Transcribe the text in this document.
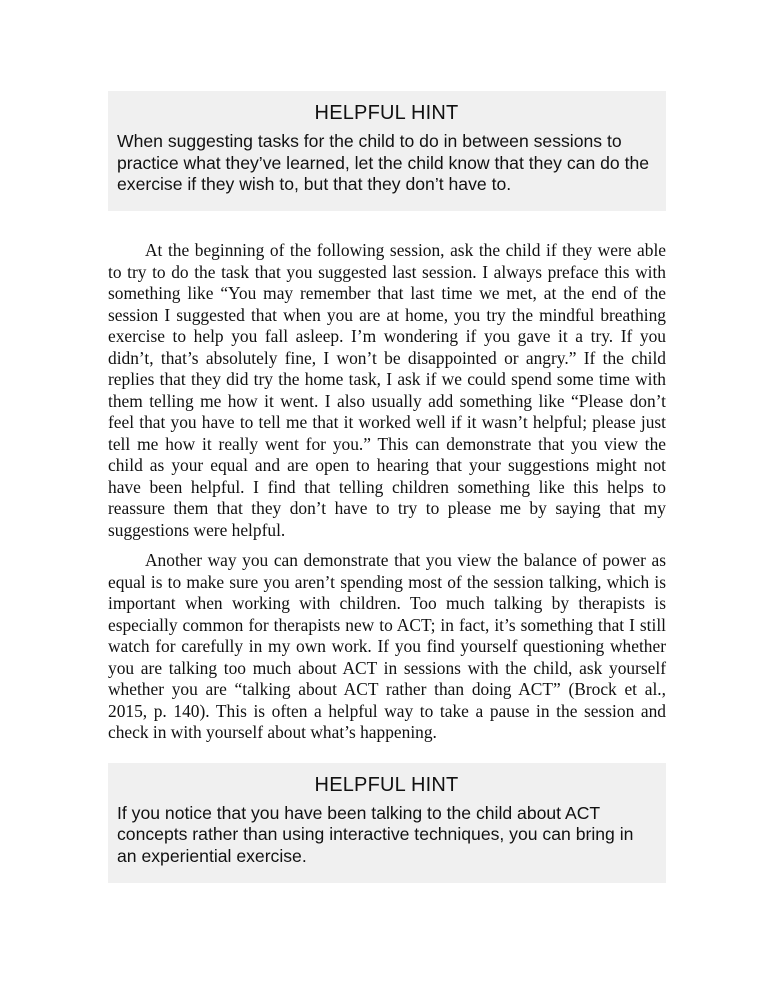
HELPFUL HINT

When suggesting tasks for the child to do in between sessions to practice what they’ve learned, let the child know that they can do the exercise if they wish to, but that they don’t have to.

At the beginning of the following session, ask the child if they were able to try to do the task that you suggested last session. I always preface this with something like “You may remember that last time we met, at the end of the session I suggested that when you are at home, you try the mindful breathing exercise to help you fall asleep. I’m wondering if you gave it a try. If you didn’t, that’s absolutely fine, I won’t be disappointed or angry.” If the child replies that they did try the home task, I ask if we could spend some time with them telling me how it went. I also usually add something like “Please don’t feel that you have to tell me that it worked well if it wasn’t helpful; please just tell me how it really went for you.” This can demonstrate that you view the child as your equal and are open to hearing that your suggestions might not have been helpful. I find that telling children something like this helps to reassure them that they don’t have to try to please me by saying that my suggestions were helpful.

Another way you can demonstrate that you view the balance of power as equal is to make sure you aren’t spending most of the session talking, which is important when working with children. Too much talking by therapists is especially common for therapists new to ACT; in fact, it’s something that I still watch for carefully in my own work. If you find yourself questioning whether you are talking too much about ACT in sessions with the child, ask yourself whether you are “talking about ACT rather than doing ACT” (Brock et al., 2015, p. 140). This is often a helpful way to take a pause in the session and check in with yourself about what’s happening.

HELPFUL HINT

If you notice that you have been talking to the child about ACT concepts rather than using interactive techniques, you can bring in an experiential exercise.
